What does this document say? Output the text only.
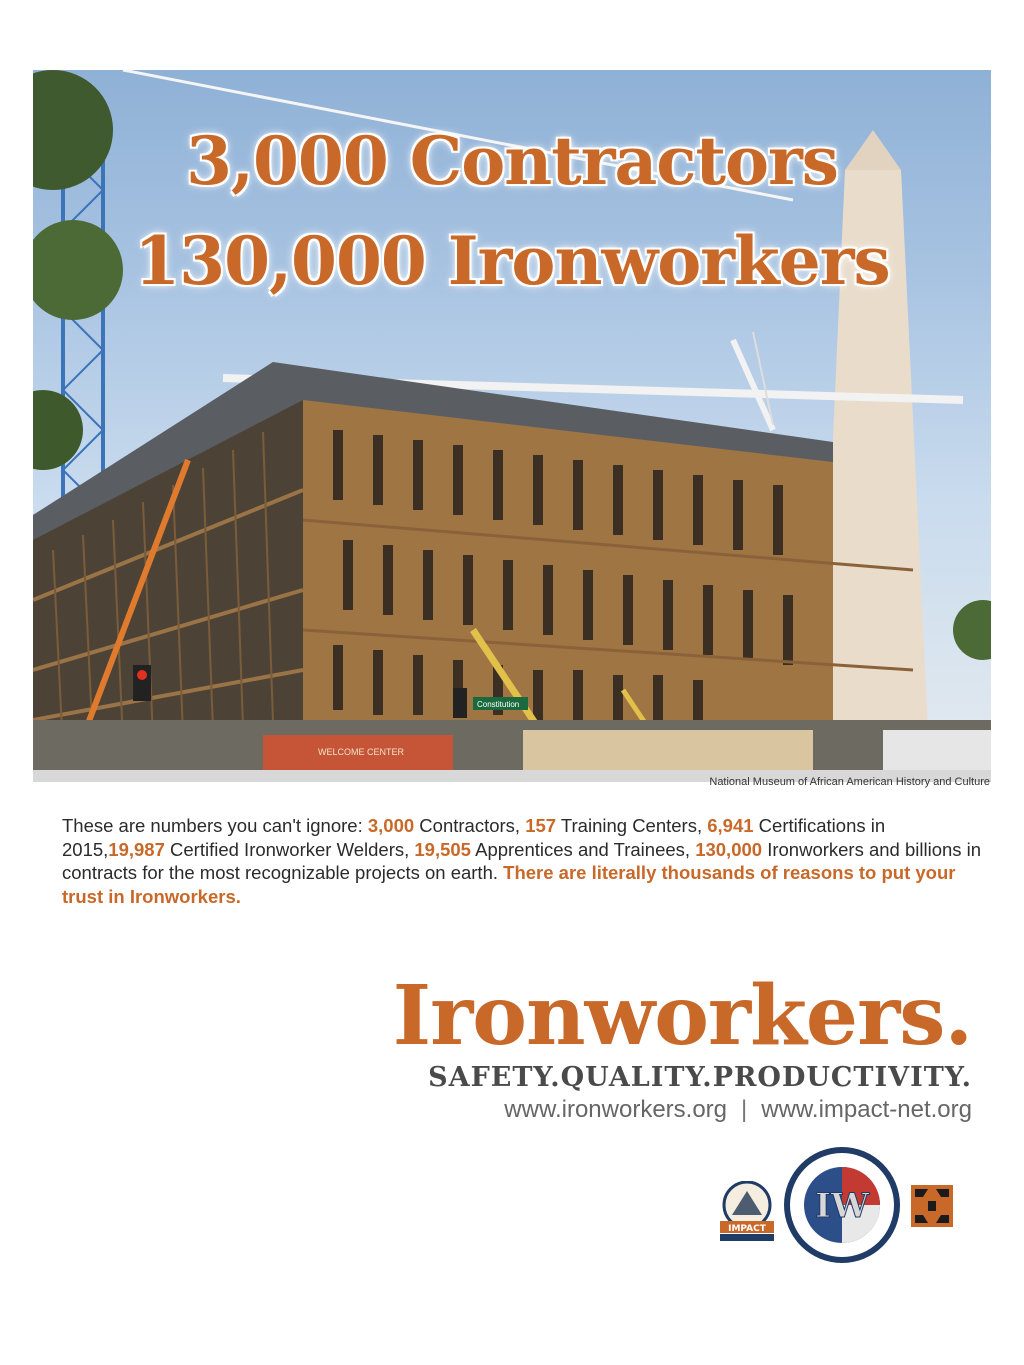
WELCOME CENTER
Constitution
3,000 Contractors
130,000 Ironworkers
National Museum of African American History and Culture
These are numbers you can't ignore: 3,000 Contractors, 157 Training Centers, 6,941 Certifications in 2015,19,987 Certified Ironworker Welders, 19,505 Apprentices and Trainees, 130,000 Ironworkers and billions in contracts for the most recognizable projects on earth. There are literally thousands of reasons to put your trust in Ironworkers.
Ironworkers.
SAFETY.QUALITY.PRODUCTIVITY.
www.ironworkers.org | www.impact-net.org
IMPACT
IW
